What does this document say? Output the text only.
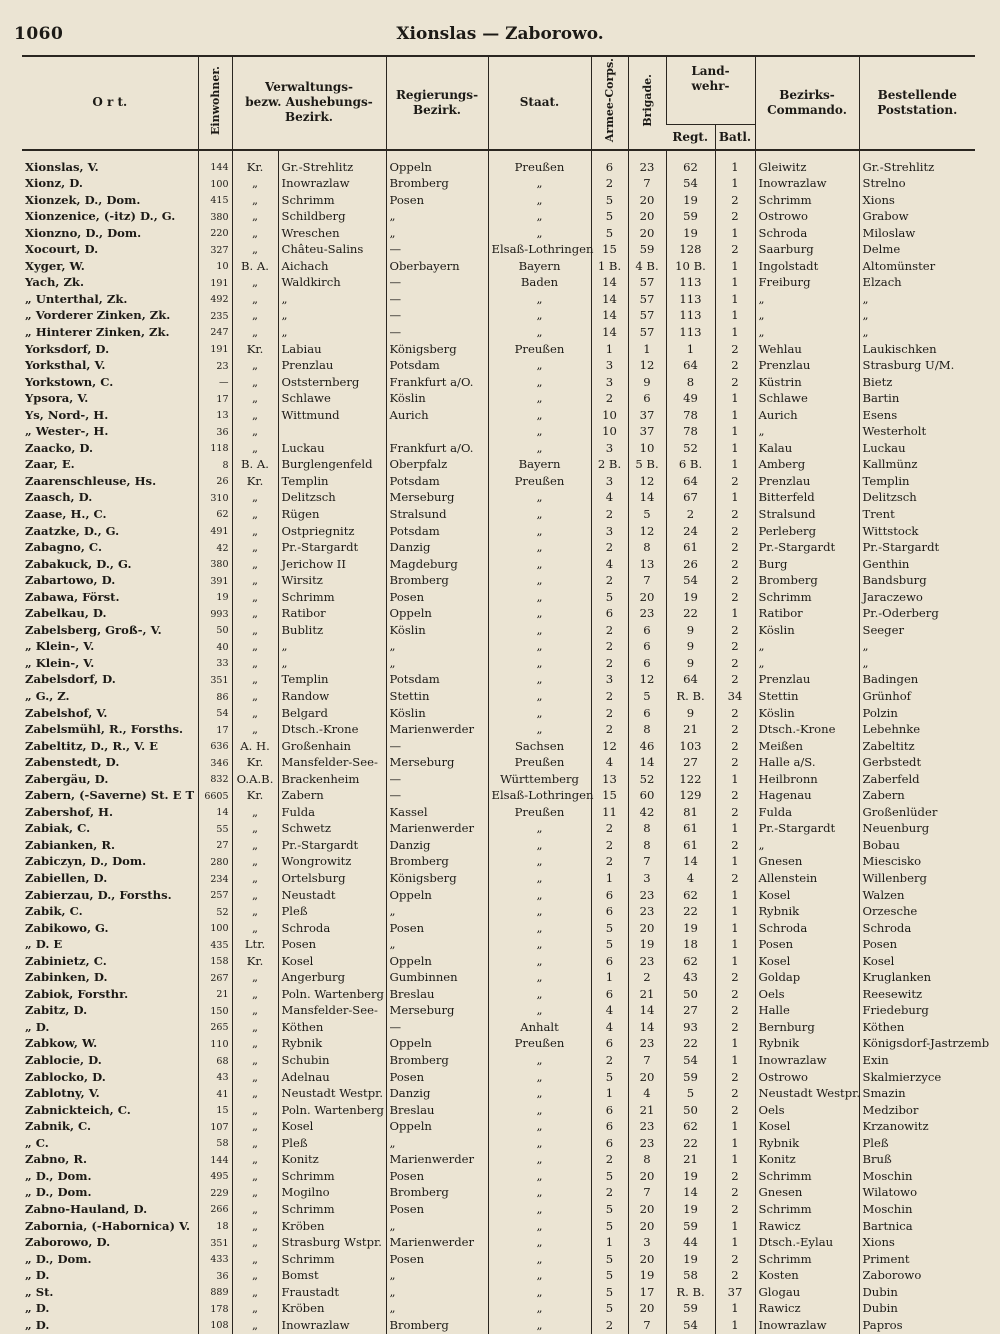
1060	Xionslas — Zaborowo.
O r t.	Einwohner.	Verwaltungs-
bezw. Aushebungs-
Bezirk.		Regierungs-
Bezirk.	Staat.	Armee-Corps.	Brigade.	Land-
wehr-		Bezirks-
Commando.	Bestellende
Poststation.
								Regt.	Batl.		

Xionslas, V.	144	Kr.	Gr.-Strehlitz	Oppeln	Preußen	6	23	62	1	Gleiwitz	Gr.-Strehlitz
Xionz, D.	100	„	Inowrazlaw	Bromberg	„	2	7	54	1	Inowrazlaw	Strelno
Xionzek, D., Dom.	415	„	Schrimm	Posen	„	5	20	19	2	Schrimm	Xions
Xionzenice, (-itz) D., G.	380	„	Schildberg	„	„	5	20	59	2	Ostrowo	Grabow
Xionzno, D., Dom.	220	„	Wreschen	„	„	5	20	19	1	Schroda	Miloslaw
Xocourt, D.	327	„	Châteu-Salins	—	Elsaß-Lothringen	15	59	128	2	Saarburg	Delme
Xyger, W.	10	B. A.	Aichach	Oberbayern	Bayern	1 B.	4 B.	10 B.	1	Ingolstadt	Altomünster
Yach, Zk.	191	„	Waldkirch	—	Baden	14	57	113	1	Freiburg	Elzach
„ Unterthal, Zk.	492	„	„	—	„	14	57	113	1	„	„
„ Vorderer Zinken, Zk.	235	„	„	—	„	14	57	113	1	„	„
„ Hinterer Zinken, Zk.	247	„	„	—	„	14	57	113	1	„	„
Yorksdorf, D.	191	Kr.	Labiau	Königsberg	Preußen	1	1	1	2	Wehlau	Laukischken
Yorksthal, V.	23	„	Prenzlau	Potsdam	„	3	12	64	2	Prenzlau	Strasburg U/M.
Yorkstown, C.	—	„	Oststernberg	Frankfurt a/O.	„	3	9	8	2	Küstrin	Bietz
Ypsora, V.	17	„	Schlawe	Köslin	„	2	6	49	1	Schlawe	Bartin
Ys, Nord-, H.	13	„	Wittmund	Aurich	„	10	37	78	1	Aurich	Esens
„ Wester-, H.	36	„			„	10	37	78	1	„	Westerholt
Zaacko, D.	118	„	Luckau	Frankfurt a/O.	„	3	10	52	1	Kalau	Luckau
Zaar, E.	8	B. A.	Burglengenfeld	Oberpfalz	Bayern	2 B.	5 B.	6 B.	1	Amberg	Kallmünz
Zaarenschleuse, Hs.	26	Kr.	Templin	Potsdam	Preußen	3	12	64	2	Prenzlau	Templin
Zaasch, D.	310	„	Delitzsch	Merseburg	„	4	14	67	1	Bitterfeld	Delitzsch
Zaase, H., C.	62	„	Rügen	Stralsund	„	2	5	2	2	Stralsund	Trent
Zaatzke, D., G.	491	„	Ostpriegnitz	Potsdam	„	3	12	24	2	Perleberg	Wittstock
Zabagno, C.	42	„	Pr.-Stargardt	Danzig	„	2	8	61	2	Pr.-Stargardt	Pr.-Stargardt
Zabakuck, D., G.	380	„	Jerichow II	Magdeburg	„	4	13	26	2	Burg	Genthin
Zabartowo, D.	391	„	Wirsitz	Bromberg	„	2	7	54	2	Bromberg	Bandsburg
Zabawa, Först.	19	„	Schrimm	Posen	„	5	20	19	2	Schrimm	Jaraczewo
Zabelkau, D.	993	„	Ratibor	Oppeln	„	6	23	22	1	Ratibor	Pr.-Oderberg
Zabelsberg, Groß-, V.	50	„	Bublitz	Köslin	„	2	6	9	2	Köslin	Seeger
„ Klein-, V.	40	„	„	„	„	2	6	9	2	„	„
„ Klein-, V.	33	„	„	„	„	2	6	9	2	„	„
Zabelsdorf, D.	351	„	Templin	Potsdam	„	3	12	64	2	Prenzlau	Badingen
„ G., Z.	86	„	Randow	Stettin	„	2	5	R. B.	34	Stettin	Grünhof
Zabelshof, V.	54	„	Belgard	Köslin	„	2	6	9	2	Köslin	Polzin
Zabelsmühl, R., Forsths.	17	„	Dtsch.-Krone	Marienwerder	„	2	8	21	2	Dtsch.-Krone	Lebehnke
Zabeltitz, D., R., V. E	636	A. H.	Großenhain	—	Sachsen	12	46	103	2	Meißen	Zabeltitz
Zabenstedt, D.	346	Kr.	Mansfelder-See-	Merseburg	Preußen	4	14	27	2	Halle a/S.	Gerbstedt
Zabergäu, D.	832	O.A.B.	Brackenheim	—	Württemberg	13	52	122	1	Heilbronn	Zaberfeld
Zabern, (-Saverne) St. E T	6605	Kr.	Zabern	—	Elsaß-Lothringen	15	60	129	2	Hagenau	Zabern
Zabershof, H.	14	„	Fulda	Kassel	Preußen	11	42	81	2	Fulda	Großenlüder
Zabiak, C.	55	„	Schwetz	Marienwerder	„	2	8	61	1	Pr.-Stargardt	Neuenburg
Zabianken, R.	27	„	Pr.-Stargardt	Danzig	„	2	8	61	2	„	Bobau
Zabiczyn, D., Dom.	280	„	Wongrowitz	Bromberg	„	2	7	14	1	Gnesen	Miescisko
Zabiellen, D.	234	„	Ortelsburg	Königsberg	„	1	3	4	2	Allenstein	Willenberg
Zabierzau, D., Forsths.	257	„	Neustadt	Oppeln	„	6	23	62	1	Kosel	Walzen
Zabik, C.	52	„	Pleß	„	„	6	23	22	1	Rybnik	Orzesche
Zabikowo, G.	100	„	Schroda	Posen	„	5	20	19	1	Schroda	Schroda
„ D. E	435	Ltr.	Posen	„	„	5	19	18	1	Posen	Posen
Zabinietz, C.	158	Kr.	Kosel	Oppeln	„	6	23	62	1	Kosel	Kosel
Zabinken, D.	267	„	Angerburg	Gumbinnen	„	1	2	43	2	Goldap	Kruglanken
Zabiok, Forsthr.	21	„	Poln. Wartenberg	Breslau	„	6	21	50	2	Oels	Reesewitz
Zabitz, D.	150	„	Mansfelder-See-	Merseburg	„	4	14	27	2	Halle	Friedeburg
„ D.	265	„	Köthen	—	Anhalt	4	14	93	2	Bernburg	Köthen
Zabkow, W.	110	„	Rybnik	Oppeln	Preußen	6	23	22	1	Rybnik	Königsdorf-Jastrzemb
Zablocie, D.	68	„	Schubin	Bromberg	„	2	7	54	1	Inowrazlaw	Exin
Zablocko, D.	43	„	Adelnau	Posen	„	5	20	59	2	Ostrowo	Skalmierzyce
Zablotny, V.	41	„	Neustadt Westpr.	Danzig	„	1	4	5	2	Neustadt Westpr.	Smazin
Zabnickteich, C.	15	„	Poln. Wartenberg	Breslau	„	6	21	50	2	Oels	Medzibor
Zabnik, C.	107	„	Kosel	Oppeln	„	6	23	62	1	Kosel	Krzanowitz
„ C.	58	„	Pleß	„	„	6	23	22	1	Rybnik	Pleß
Zabno, R.	144	„	Konitz	Marienwerder	„	2	8	21	1	Konitz	Bruß
„ D., Dom.	495	„	Schrimm	Posen	„	5	20	19	2	Schrimm	Moschin
„ D., Dom.	229	„	Mogilno	Bromberg	„	2	7	14	2	Gnesen	Wilatowo
Zabno-Hauland, D.	266	„	Schrimm	Posen	„	5	20	19	2	Schrimm	Moschin
Zabornia, (-Habornica) V.	18	„	Kröben	„	„	5	20	59	1	Rawicz	Bartnica
Zaborowo, D.	351	„	Strasburg Wstpr.	Marienwerder	„	1	3	44	1	Dtsch.-Eylau	Xions
„ D., Dom.	433	„	Schrimm	Posen	„	5	20	19	2	Schrimm	Priment
„ D.	36	„	Bomst	„	„	5	19	58	2	Kosten	Zaborowo
„ St.	889	„	Fraustadt	„	„	5	17	R. B.	37	Glogau	Dubin
„ D.	178	„	Kröben	„	„	5	20	59	1	Rawicz	Dubin
„ D.	108	„	Inowrazlaw	Bromberg	„	2	7	54	1	Inowrazlaw	Papros
